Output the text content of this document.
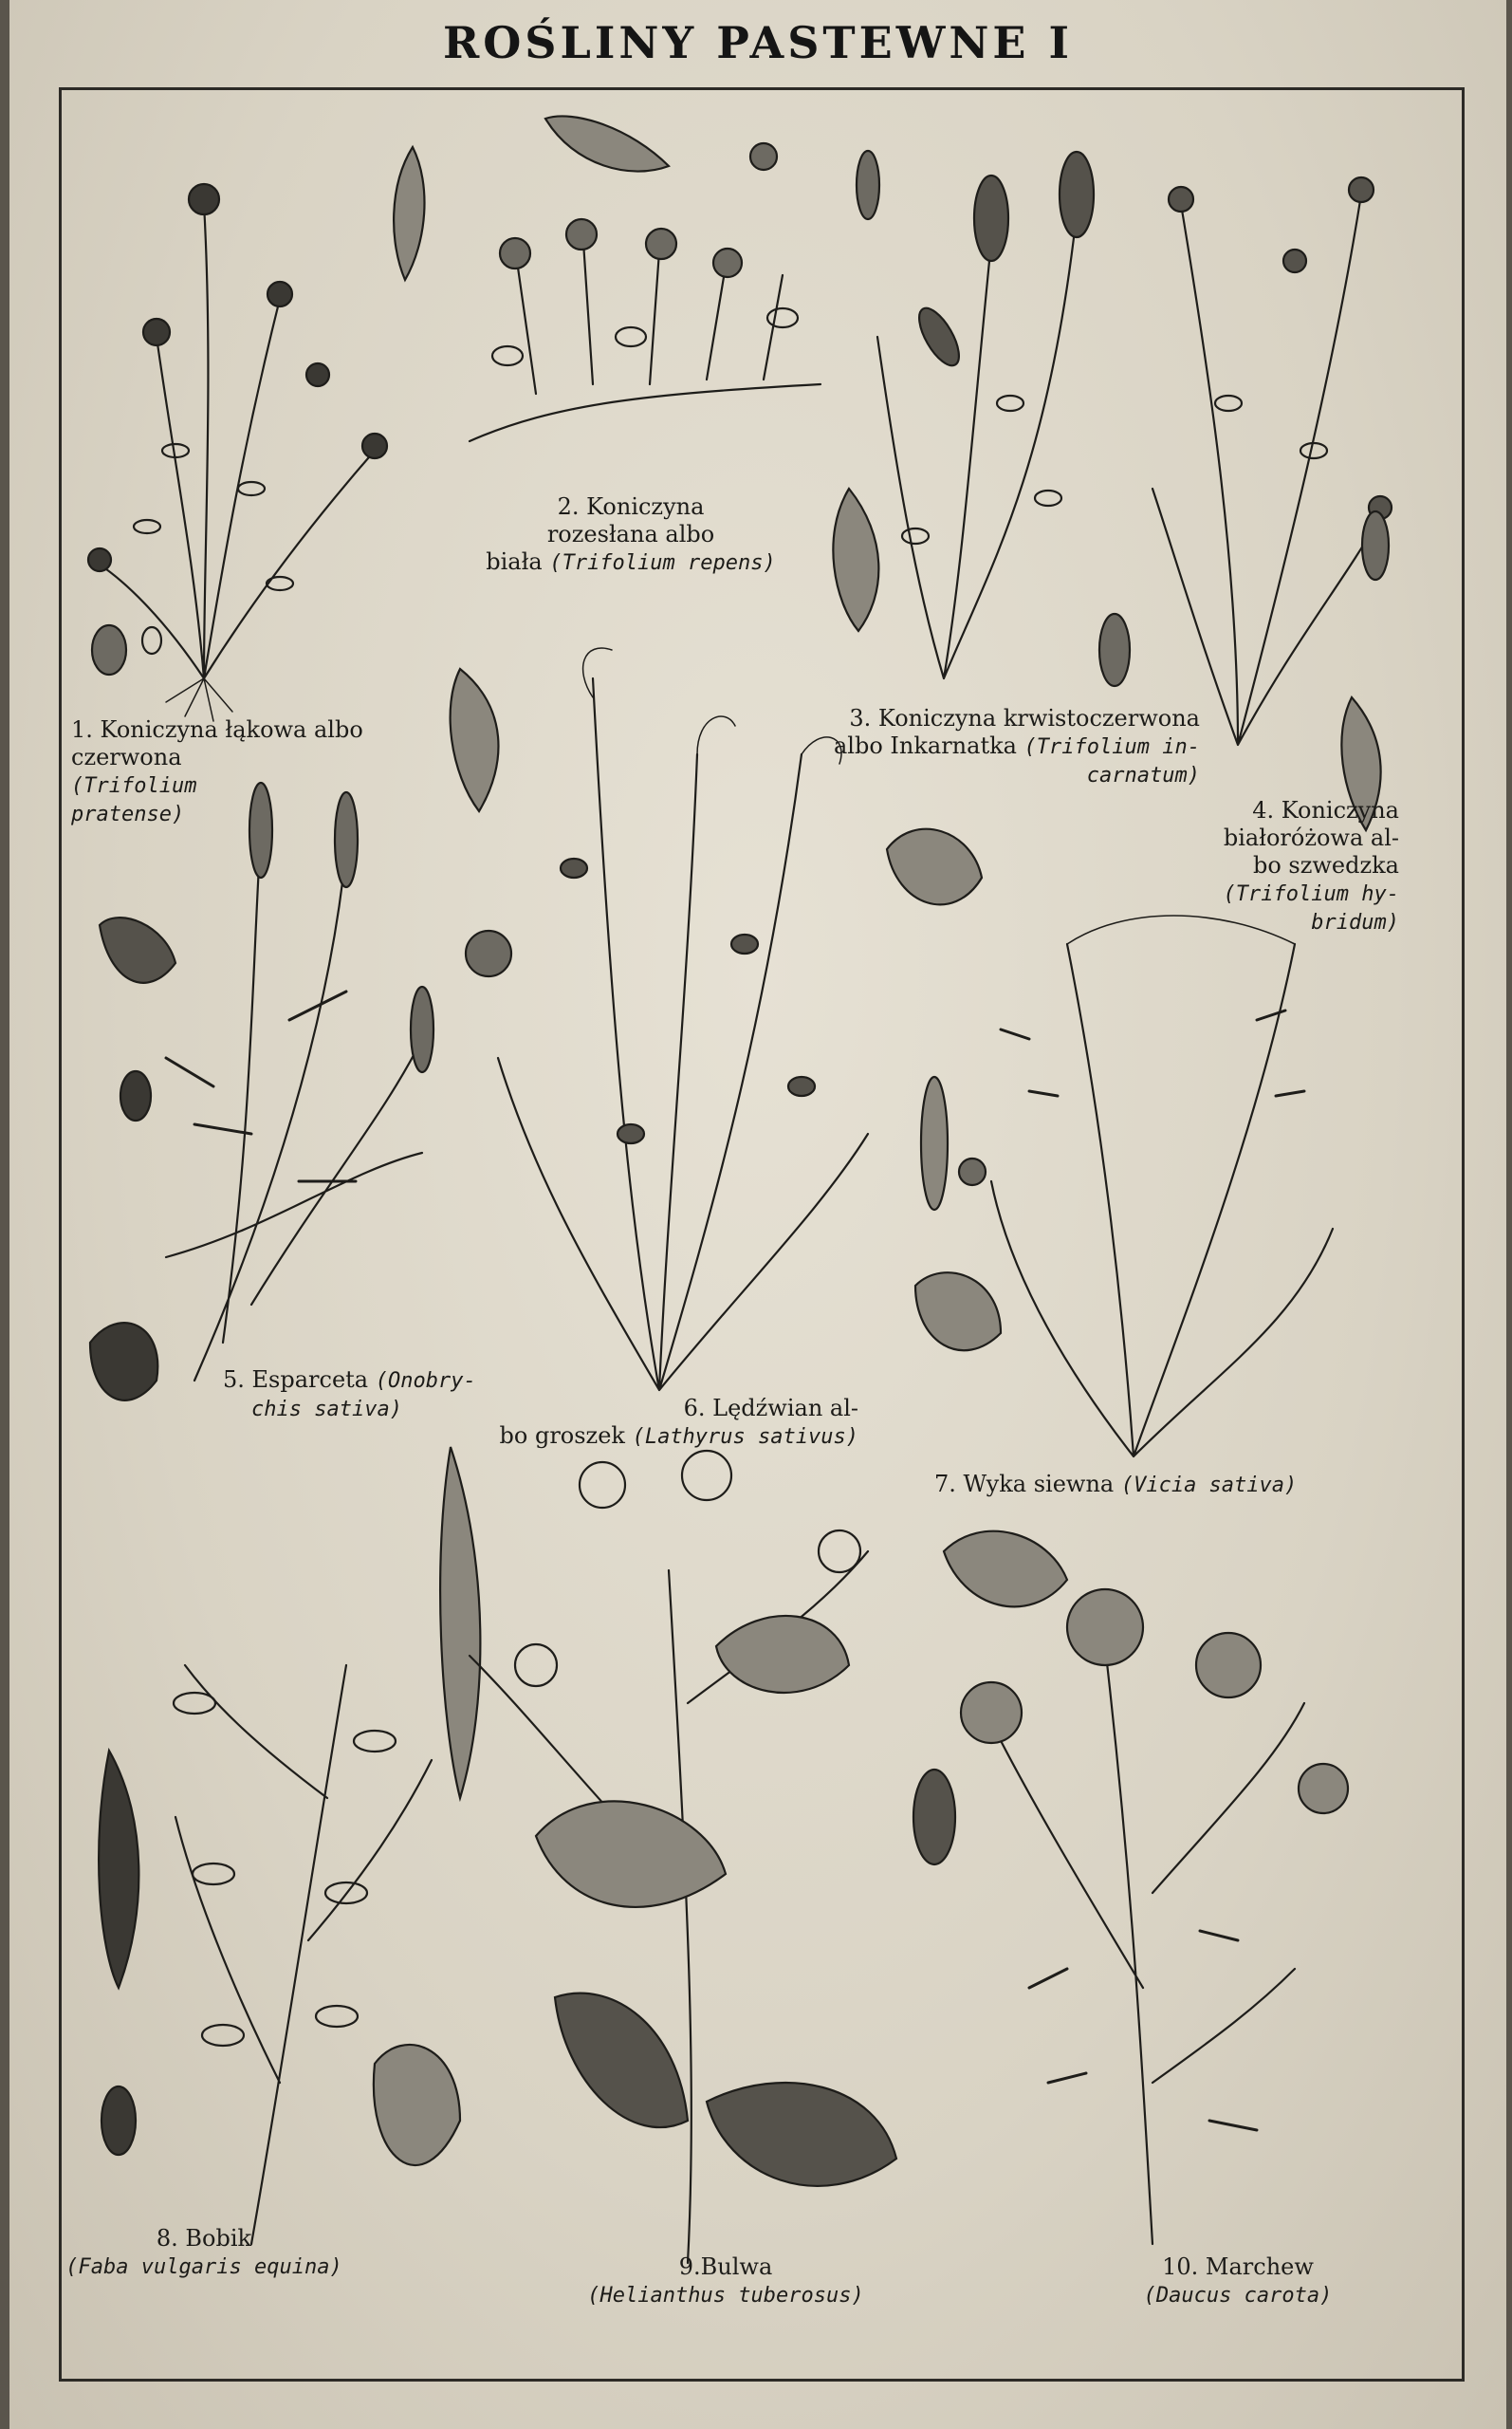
ROŚLINY PASTEWNE I
1. Koniczyna łąkowa albo
czerwona
(Trifolium
pratense)
2. Koniczyna
rozesłana albo
biała (Trifolium repens)
3. Koniczyna krwistoczerwona
albo Inkarnatka (Trifolium in-
carnatum)
4. Koniczyna
białoróżowa al-
bo szwedzka
(Trifolium hy-
bridum)
5. Esparceta (Onobry-
chis sativa)	6. Lędźwian al-
bo groszek (Lathyrus sativus)
7. Wyka siewna (Vicia sativa)
8. Bobik
(Faba vulgaris equina)	9.Bulwa
(Helianthus tuberosus)
10. Marchew
(Daucus carota)
